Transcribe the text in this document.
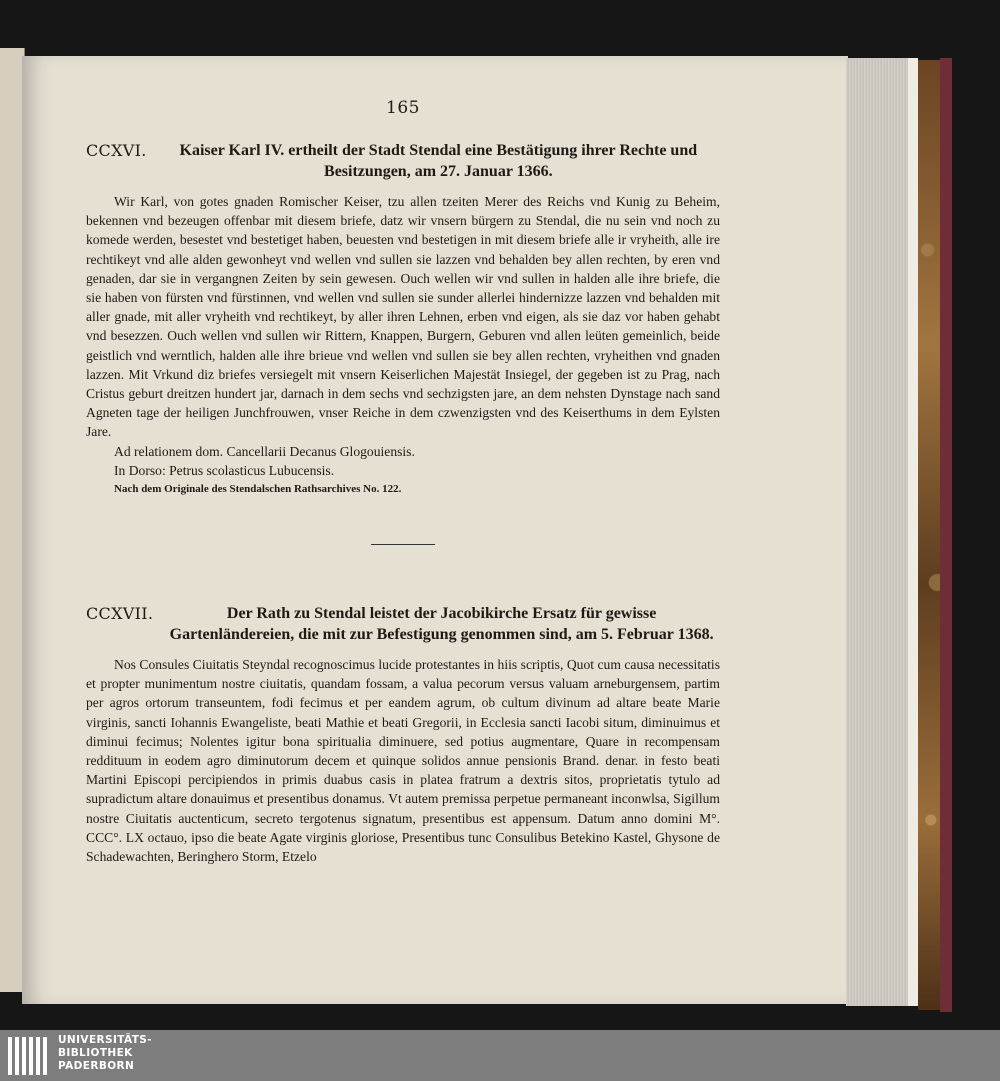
165
CCXVI.	Kaiser Karl IV. ertheilt der Stadt Stendal eine Bestätigung ihrer Rechte und Besitzungen, am 27. Januar 1366.

Wir Karl, von gotes gnaden Romischer Keiser, tzu allen tzeiten Merer des Reichs vnd Kunig zu Beheim, bekennen vnd bezeugen offenbar mit diesem briefe, datz wir vnsern bürgern zu Stendal, die nu sein vnd noch zu komede werden, besestet vnd bestetiget haben, beuesten vnd bestetigen in mit diesem briefe alle ir vryheith, alle ire rechtikeyt vnd alle alden gewonheyt vnd wellen vnd sullen sie lazzen vnd behalden bey allen rechten, by eren vnd genaden, dar sie in vergangnen Zeiten by sein gewesen. Ouch wellen wir vnd sullen in halden alle ihre briefe, die sie haben von fürsten vnd fürstinnen, vnd wellen vnd sullen sie sunder allerlei hindernizze lazzen vnd behalden mit aller gnade, mit aller vryheith vnd rechtikeyt, by aller ihren Lehnen, erben vnd eigen, als sie daz vor haben gehabt vnd besezzen. Ouch wellen vnd sullen wir Rittern, Knappen, Burgern, Geburen vnd allen leüten gemeinlich, beide geistlich vnd werntlich, halden alle ihre brieue vnd wellen vnd sullen sie bey allen rechten, vryheithen vnd gnaden lazzen. Mit Vrkund diz briefes versiegelt mit vnsern Keiserlichen Majestät Insiegel, der gegeben ist zu Prag, nach Cristus geburt dreitzen hundert jar, darnach in dem sechs vnd sechzigsten jare, an dem nehsten Dynstage nach sand Agneten tage der heiligen Junchfrouwen, vnser Reiche in dem czwenzigsten vnd des Keiserthums in dem Eylsten Jare.

Ad relationem dom. Cancellarii Decanus Glogouiensis.
In Dorso: Petrus scolasticus Lubucensis.
Nach dem Originale des Stendalschen Rathsarchives No. 122.
CCXVII.	Der Rath zu Stendal leistet der Jacobikirche Ersatz für gewisse Gartenländereien, die mit zur Befestigung genommen sind, am 5. Februar 1368.

Nos Consules Ciuitatis Steyndal recognoscimus lucide protestantes in hiis scriptis, Quot cum causa necessitatis et propter munimentum nostre ciuitatis, quandam fossam, a valua pecorum versus valuam arneburgensem, partim per agros ortorum transeuntem, fodi fecimus et per eandem agrum, ob cultum divinum ad altare beate Marie virginis, sancti Iohannis Ewangeliste, beati Mathie et beati Gregorii, in Ecclesia sancti Iacobi situm, diminuimus et diminui fecimus; Nolentes igitur bona spiritualia diminuere, sed potius augmentare, Quare in recompensam reddituum in eodem agro diminutorum decem et quinque solidos annue pensionis Brand. denar. in festo beati Martini Episcopi percipiendos in primis duabus casis in platea fratrum a dextris sitos, proprietatis tytulo ad supradictum altare donauimus et presentibus donamus. Vt autem premissa perpetue permaneant inconwlsa, Sigillum nostre Ciuitatis auctenticum, secreto tergotenus signatum, presentibus est appensum. Datum anno domini M°. CCC°. LX octauo, ipso die beate Agate virginis gloriose, Presentibus tunc Consulibus Betekino Kastel, Ghysone de Schadewachten, Beringhero Storm, Etzelo

UNIVERSITÄTS-
BIBLIOTHEK
PADERBORN
